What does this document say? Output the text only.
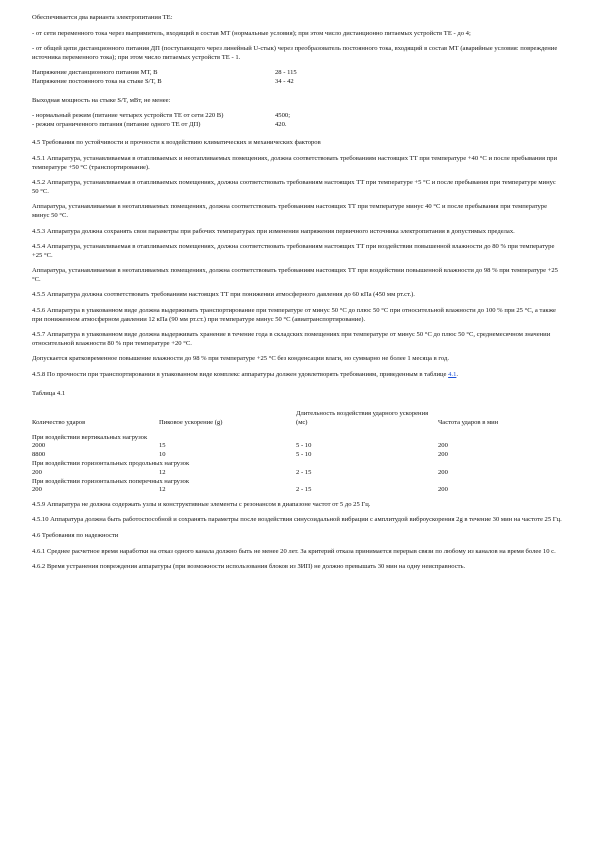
Обеспечивается два варианта электропитания ТЕ:

- от сети переменного тока через выпрямитель, входящий в состав МТ (нормальные условия); при этом число дистанционно питаемых устройств ТЕ - до 4;

- от общей цепи дистанционного питания ДП (поступающего через линейный U-стык) через преобразователь постоянного тока, входящий в состав МТ (аварийные условия: повреждение источника переменного тока); при этом число питаемых устройств ТЕ - 1.

Напряжение дистанционного питания МТ, В	28 - 115
Напряжение постоянного тока на стыке S/T, В	34 - 42

Выходная мощность на стыке S/T, мВт, не менее:

- нормальный режим (питание четырех устройств ТЕ от сети 220 В)	4500;
- режим ограниченного питания (питание одного ТЕ от ДП)	420.

4.5 Требования по устойчивости и прочности к воздействию климатических и механических факторов

4.5.1 Аппаратура, устанавливаемая в отапливаемых и неотапливаемых помещениях, должна соответствовать требованиям настоящих ТТ при температуре +40 °С и после пребывания при температуре +50 °С (транспортирование).

4.5.2 Аппаратура, устанавливаемая в отапливаемых помещениях, должна соответствовать требованиям настоящих ТТ при температуре +5 °С и после пребывания при температуре минус 50 °С.

Аппаратура, устанавливаемая в неотапливаемых помещениях, должна соответствовать требованиям настоящих ТТ при температуре минус 40 °С и после пребывания при температуре минус 50 °С.

4.5.3 Аппаратура должна сохранять свои параметры при рабочих температурах при изменении напряжения первичного источника электропитания в допустимых пределах.

4.5.4 Аппаратура, устанавливаемая в отапливаемых помещениях, должна соответствовать требованиям настоящих ТТ при воздействии повышенной влажности до 80 % при температуре +25 °С.

Аппаратура, устанавливаемая в неотапливаемых помещениях, должна соответствовать требованиям настоящих ТТ при воздействии повышенной влажности до 98 % при температуре +25 °С.

4.5.5 Аппаратура должна соответствовать требованиям настоящих ТТ при понижении атмосферного давления до 60 кПа (450 мм рт.ст.).

4.5.6 Аппаратура в упакованном виде должна выдерживать транспортирование при температуре от минус 50 °С до плюс 50 °С при относительной влажности до 100 % при 25 °С, а также при пониженном атмосферном давлении 12 кПа (90 мм рт.ст.) при температуре минус 50 °С (авиатранспортирование).

4.5.7 Аппаратура в упакованном виде должна выдерживать хранение в течение года в складских помещениях при температуре от минус 50 °С до плюс 50 °С, среднемесячном значении относительной влажности 80 % при температуре +20 °С.

Допускается кратковременное повышение влажности до 98 % при температуре +25 °С без конденсации влаги, но суммарно не более 1 месяца в год.

4.5.8 По прочности при транспортировании в упакованном виде комплекс аппаратуры должен удовлетворять требованиям, приведенным в таблице 4.1.

Таблица 4.1
Количество ударов	Пиковое ускорение (g)	Длительность воздействия ударного ускорения (мс)	Частота ударов в мин
При воздействии вертикальных нагрузок			
2000	15	5 - 10	200
8800	10	5 - 10	200
При воздействии горизонтальных продольных нагрузок			
200	12	2 - 15	200
При воздействии горизонтальных поперечных нагрузок			
200	12	2 - 15	200

4.5.9 Аппаратура не должна содержать узлы и конструктивные элементы с резонансом в диапазоне частот от 5 до 25 Гц.

4.5.10 Аппаратура должна быть работоспособной и сохранять параметры после воздействия синусоидальной вибрации с амплитудой виброускорения 2g в течение 30 мин на частоте 25 Гц.

4.6 Требования по надежности

4.6.1 Среднее расчетное время наработки на отказ одного канала должно быть не менее 20 лет. За критерий отказа принимается перерыв связи по любому из каналов на время более 10 с.

4.6.2 Время устранения повреждения аппаратуры (при возможности использования блоков из ЗИП) не должно превышать 30 мин на одну неисправность.
